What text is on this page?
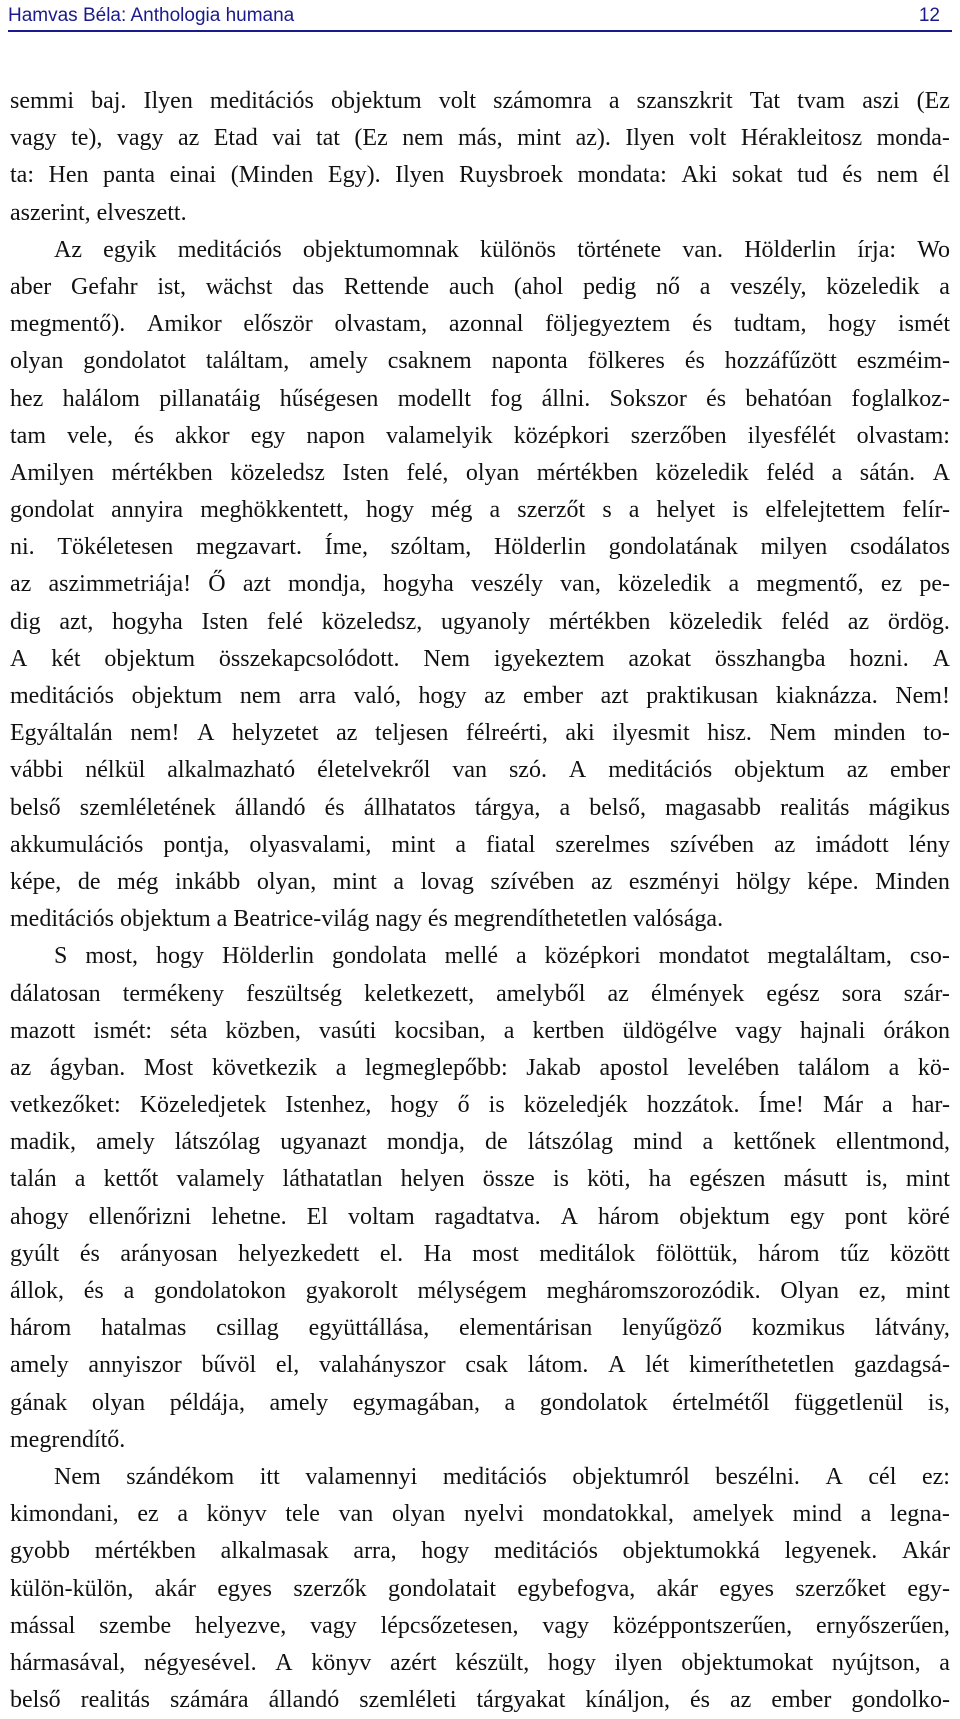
Hamvas Béla: Anthologia humana	12
semmi baj. Ilyen meditációs objektum volt számomra a szanszkrit Tat tvam aszi (Ez
vagy te), vagy az Etad vai tat (Ez nem más, mint az). Ilyen volt Hérakleitosz monda-
ta: Hen panta einai (Minden Egy). Ilyen Ruysbroek mondata: Aki sokat tud és nem él
aszerint, elveszett.
Az egyik meditációs objektumomnak különös története van. Hölderlin írja: Wo
aber Gefahr ist, wächst das Rettende auch (ahol pedig nő a veszély, közeledik a
megmentő). Amikor először olvastam, azonnal följegyeztem és tudtam, hogy ismét
olyan gondolatot találtam, amely csaknem naponta fölkeres és hozzáfűzött eszméim-
hez halálom pillanatáig hűségesen modellt fog állni. Sokszor és behatóan foglalkoz-
tam vele, és akkor egy napon valamelyik középkori szerzőben ilyesfélét olvastam:
Amilyen mértékben közeledsz Isten felé, olyan mértékben közeledik feléd a sátán. A
gondolat annyira meghökkentett, hogy még a szerzőt s a helyet is elfelejtettem felír-
ni. Tökéletesen megzavart. Íme, szóltam, Hölderlin gondolatának milyen csodálatos
az aszimmetriája! Ő azt mondja, hogyha veszély van, közeledik a megmentő, ez pe-
dig azt, hogyha Isten felé közeledsz, ugyanoly mértékben közeledik feléd az ördög.
A két objektum összekapcsolódott. Nem igyekeztem azokat összhangba hozni. A
meditációs objektum nem arra való, hogy az ember azt praktikusan kiaknázza. Nem!
Egyáltalán nem! A helyzetet az teljesen félreérti, aki ilyesmit hisz. Nem minden to-
vábbi nélkül alkalmazható életelvekről van szó. A meditációs objektum az ember
belső szemléletének állandó és állhatatos tárgya, a belső, magasabb realitás mágikus
akkumulációs pontja, olyasvalami, mint a fiatal szerelmes szívében az imádott lény
képe, de még inkább olyan, mint a lovag szívében az eszményi hölgy képe. Minden
meditációs objektum a Beatrice-világ nagy és megrendíthetetlen valósága.
S most, hogy Hölderlin gondolata mellé a középkori mondatot megtaláltam, cso-
dálatosan termékeny feszültség keletkezett, amelyből az élmények egész sora szár-
mazott ismét: séta közben, vasúti kocsiban, a kertben üldögélve vagy hajnali órákon
az ágyban. Most következik a legmeglepőbb: Jakab apostol levelében találom a kö-
vetkezőket: Közeledjetek Istenhez, hogy ő is közeledjék hozzátok. Íme! Már a har-
madik, amely látszólag ugyanazt mondja, de látszólag mind a kettőnek ellentmond,
talán a kettőt valamely láthatatlan helyen össze is köti, ha egészen másutt is, mint
ahogy ellenőrizni lehetne. El voltam ragadtatva. A három objektum egy pont köré
gyúlt és arányosan helyezkedett el. Ha most meditálok fölöttük, három tűz között
állok, és a gondolatokon gyakorolt mélységem megháromszorozódik. Olyan ez, mint
három hatalmas csillag együttállása, elementárisan lenyűgöző kozmikus látvány,
amely annyiszor bűvöl el, valahányszor csak látom. A lét kimeríthetetlen gazdagsá-
gának olyan példája, amely egymagában, a gondolatok értelmétől függetlenül is,
megrendítő.
Nem szándékom itt valamennyi meditációs objektumról beszélni. A cél ez:
kimondani, ez a könyv tele van olyan nyelvi mondatokkal, amelyek mind a legna-
gyobb mértékben alkalmasak arra, hogy meditációs objektumokká legyenek. Akár
külön-külön, akár egyes szerzők gondolatait egybefogva, akár egyes szerzőket egy-
mással szembe helyezve, vagy lépcsőzetesen, vagy középpontszerűen, ernyőszerűen,
hármasával, négyesével. A könyv azért készült, hogy ilyen objektumokat nyújtson, a
belső realitás számára állandó szemléleti tárgyakat kínáljon, és az ember gondolko-
